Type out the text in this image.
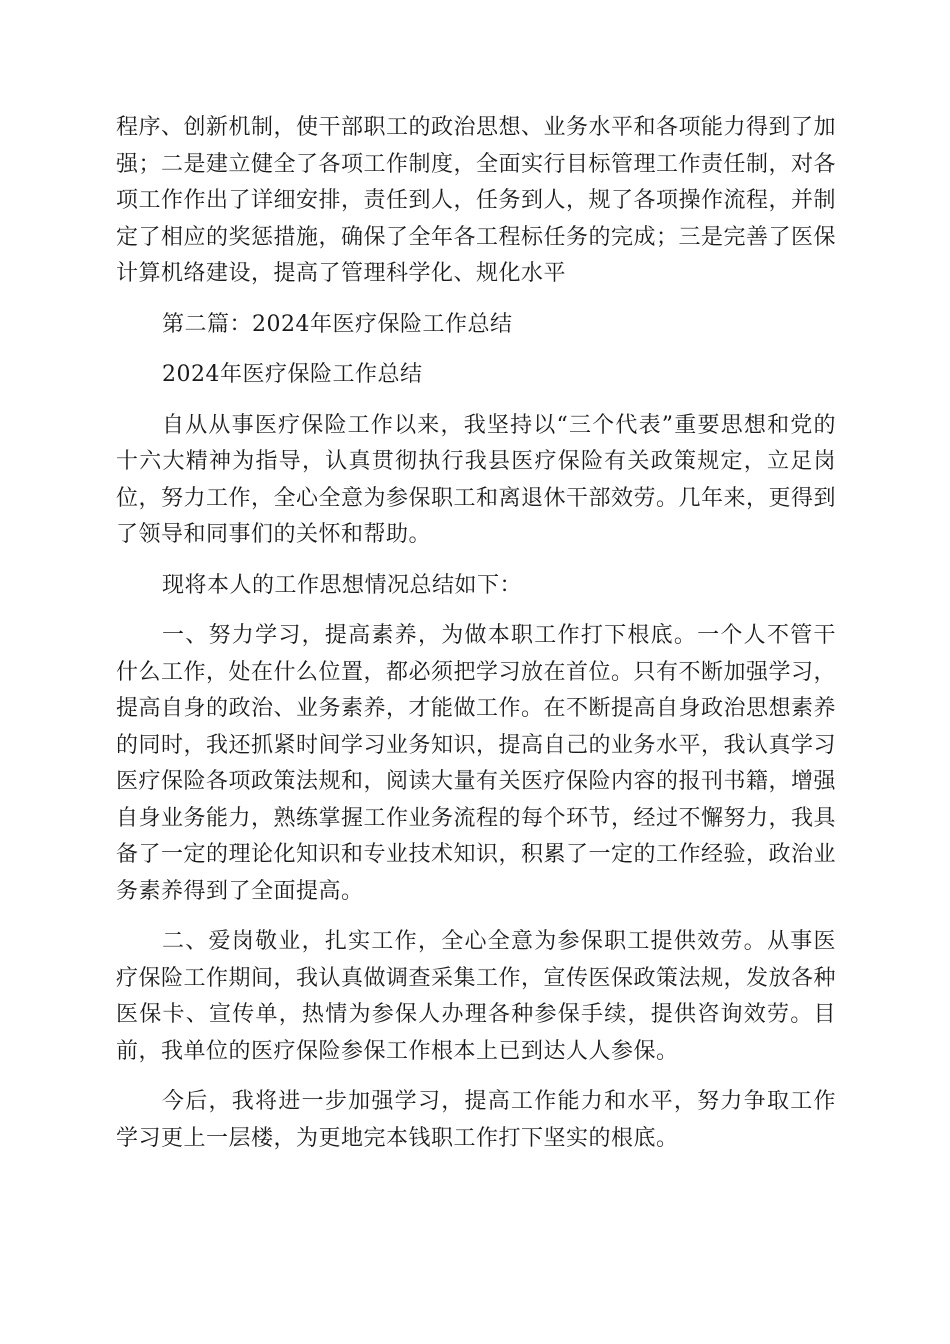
程序、创新机制，使干部职工的政治思想、业务水平和各项能力得到了加强；二是建立健全了各项工作制度，全面实行目标管理工作责任制，对各项工作作出了详细安排，责任到人，任务到人，规了各项操作流程，并制定了相应的奖惩措施，确保了全年各工程标任务的完成；三是完善了医保计算机络建设，提高了管理科学化、规化水平

第二篇：2024年医疗保险工作总结

2024年医疗保险工作总结

自从从事医疗保险工作以来，我坚持以“三个代表”重要思想和党的十六大精神为指导，认真贯彻执行我县医疗保险有关政策规定，立足岗位，努力工作，全心全意为参保职工和离退休干部效劳。几年来，更得到了领导和同事们的关怀和帮助。

现将本人的工作思想情况总结如下：

一、努力学习，提高素养，为做本职工作打下根底。一个人不管干什么工作，处在什么位置，都必须把学习放在首位。只有不断加强学习，提高自身的政治、业务素养，才能做工作。在不断提高自身政治思想素养的同时，我还抓紧时间学习业务知识，提高自己的业务水平，我认真学习医疗保险各项政策法规和，阅读大量有关医疗保险内容的报刊书籍，增强自身业务能力，熟练掌握工作业务流程的每个环节，经过不懈努力，我具备了一定的理论化知识和专业技术知识，积累了一定的工作经验，政治业务素养得到了全面提高。

二、爱岗敬业，扎实工作，全心全意为参保职工提供效劳。从事医疗保险工作期间，我认真做调查采集工作，宣传医保政策法规，发放各种医保卡、宣传单，热情为参保人办理各种参保手续，提供咨询效劳。目前，我单位的医疗保险参保工作根本上已到达人人参保。

今后，我将进一步加强学习，提高工作能力和水平，努力争取工作学习更上一层楼，为更地完本钱职工作打下坚实的根底。
